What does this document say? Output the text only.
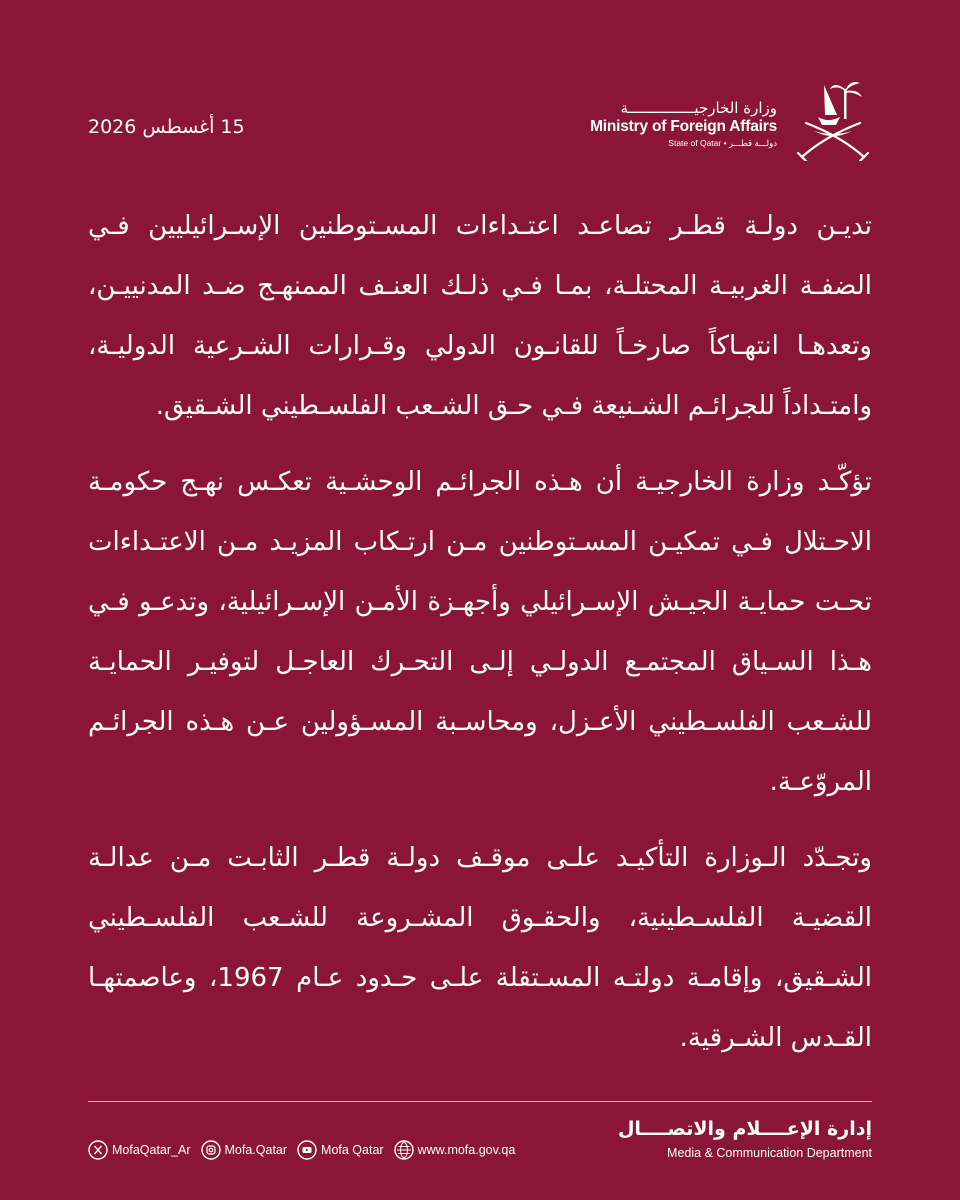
15 أغسطس 2026
وزارة الخارجيـــــــــــــــة
Ministry of Foreign Affairs
State of Qatar • دولـــة قطـــر

تديـن دولـة قطـر تصاعـد اعتـداءات المسـتوطنين الإسـرائيليين فـي الضفـة الغربيـة المحتلـة، بمـا فـي ذلـك العنـف الممنهـج ضـد المدنييـن، وتعدهـا انتهـاكاً صارخـاً للقانـون الدولي وقـرارات الشـرعية الدوليـة، وامتـداداً للجرائـم الشـنيعة فـي حـق الشـعب الفلسـطيني الشـقيق.

تؤكّـد وزارة الخارجيـة أن هـذه الجرائـم الوحشـية تعكـس نهـج حكومـة الاحـتلال فـي تمكيـن المسـتوطنين مـن ارتـكاب المزيـد مـن الاعتـداءات تحـت حمايـة الجيـش الإسـرائيلي وأجهـزة الأمـن الإسـرائيلية، وتدعـو فـي هـذا السـياق المجتمـع الدولـي إلـى التحـرك العاجـل لتوفيـر الحمايـة للشـعب الفلسـطيني الأعـزل، ومحاسـبة المسـؤولين عـن هـذه الجرائـم المروّعـة.

وتجـدّد الـوزارة التأكيـد علـى موقـف دولـة قطـر الثابـت مـن عدالـة القضيـة الفلسـطينية، والحقـوق المشـروعة للشـعب الفلسـطيني الشـقيق، وإقامـة دولتـه المسـتقلة علـى حـدود عـام 1967، وعاصمتهـا القـدس الشـرقية.

MofaQatar_Ar	Mofa.Qatar	Mofa Qatar	www.mofa.gov.qa
إدارة الإعــــلام والاتصــــال
Media & Communication Department
